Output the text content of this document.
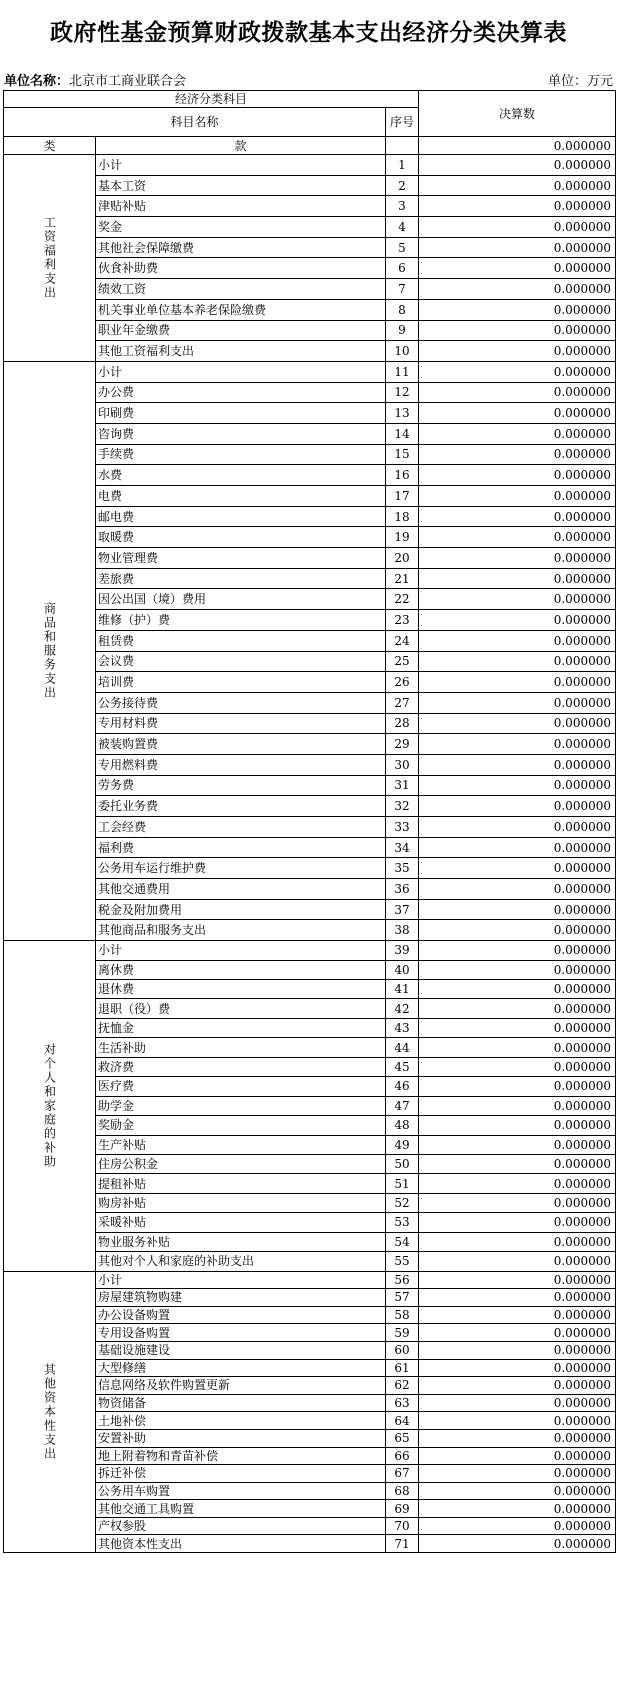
政府性基金预算财政拨款基本支出经济分类决算表
单位名称：北京市工商业联合会	单位：万元
经济分类科目			决算数
科目名称		序号	
类	款		0.000000
工资福利支出	小计	1	0.000000
	基本工资	2	0.000000
	津贴补贴	3	0.000000
	奖金	4	0.000000
	其他社会保障缴费	5	0.000000
	伙食补助费	6	0.000000
	绩效工资	7	0.000000
	机关事业单位基本养老保险缴费	8	0.000000
	职业年金缴费	9	0.000000
	其他工资福利支出	10	0.000000
商品和服务支出	小计	11	0.000000
	办公费	12	0.000000
	印刷费	13	0.000000
	咨询费	14	0.000000
	手续费	15	0.000000
	水费	16	0.000000
	电费	17	0.000000
	邮电费	18	0.000000
	取暖费	19	0.000000
	物业管理费	20	0.000000
	差旅费	21	0.000000
	因公出国（境）费用	22	0.000000
	维修（护）费	23	0.000000
	租赁费	24	0.000000
	会议费	25	0.000000
	培训费	26	0.000000
	公务接待费	27	0.000000
	专用材料费	28	0.000000
	被装购置费	29	0.000000
	专用燃料费	30	0.000000
	劳务费	31	0.000000
	委托业务费	32	0.000000
	工会经费	33	0.000000
	福利费	34	0.000000
	公务用车运行维护费	35	0.000000
	其他交通费用	36	0.000000
	税金及附加费用	37	0.000000
	其他商品和服务支出	38	0.000000
对个人和家庭的补助	小计	39	0.000000
	离休费	40	0.000000
	退休费	41	0.000000
	退职（役）费	42	0.000000
	抚恤金	43	0.000000
	生活补助	44	0.000000
	救济费	45	0.000000
	医疗费	46	0.000000
	助学金	47	0.000000
	奖励金	48	0.000000
	生产补贴	49	0.000000
	住房公积金	50	0.000000
	提租补贴	51	0.000000
	购房补贴	52	0.000000
	采暖补贴	53	0.000000
	物业服务补贴	54	0.000000
	其他对个人和家庭的补助支出	55	0.000000
其他资本性支出	小计	56	0.000000
	房屋建筑物购建	57	0.000000
	办公设备购置	58	0.000000
	专用设备购置	59	0.000000
	基础设施建设	60	0.000000
	大型修缮	61	0.000000
	信息网络及软件购置更新	62	0.000000
	物资储备	63	0.000000
	土地补偿	64	0.000000
	安置补助	65	0.000000
	地上附着物和青苗补偿	66	0.000000
	拆迁补偿	67	0.000000
	公务用车购置	68	0.000000
	其他交通工具购置	69	0.000000
	产权参股	70	0.000000
	其他资本性支出	71	0.000000
